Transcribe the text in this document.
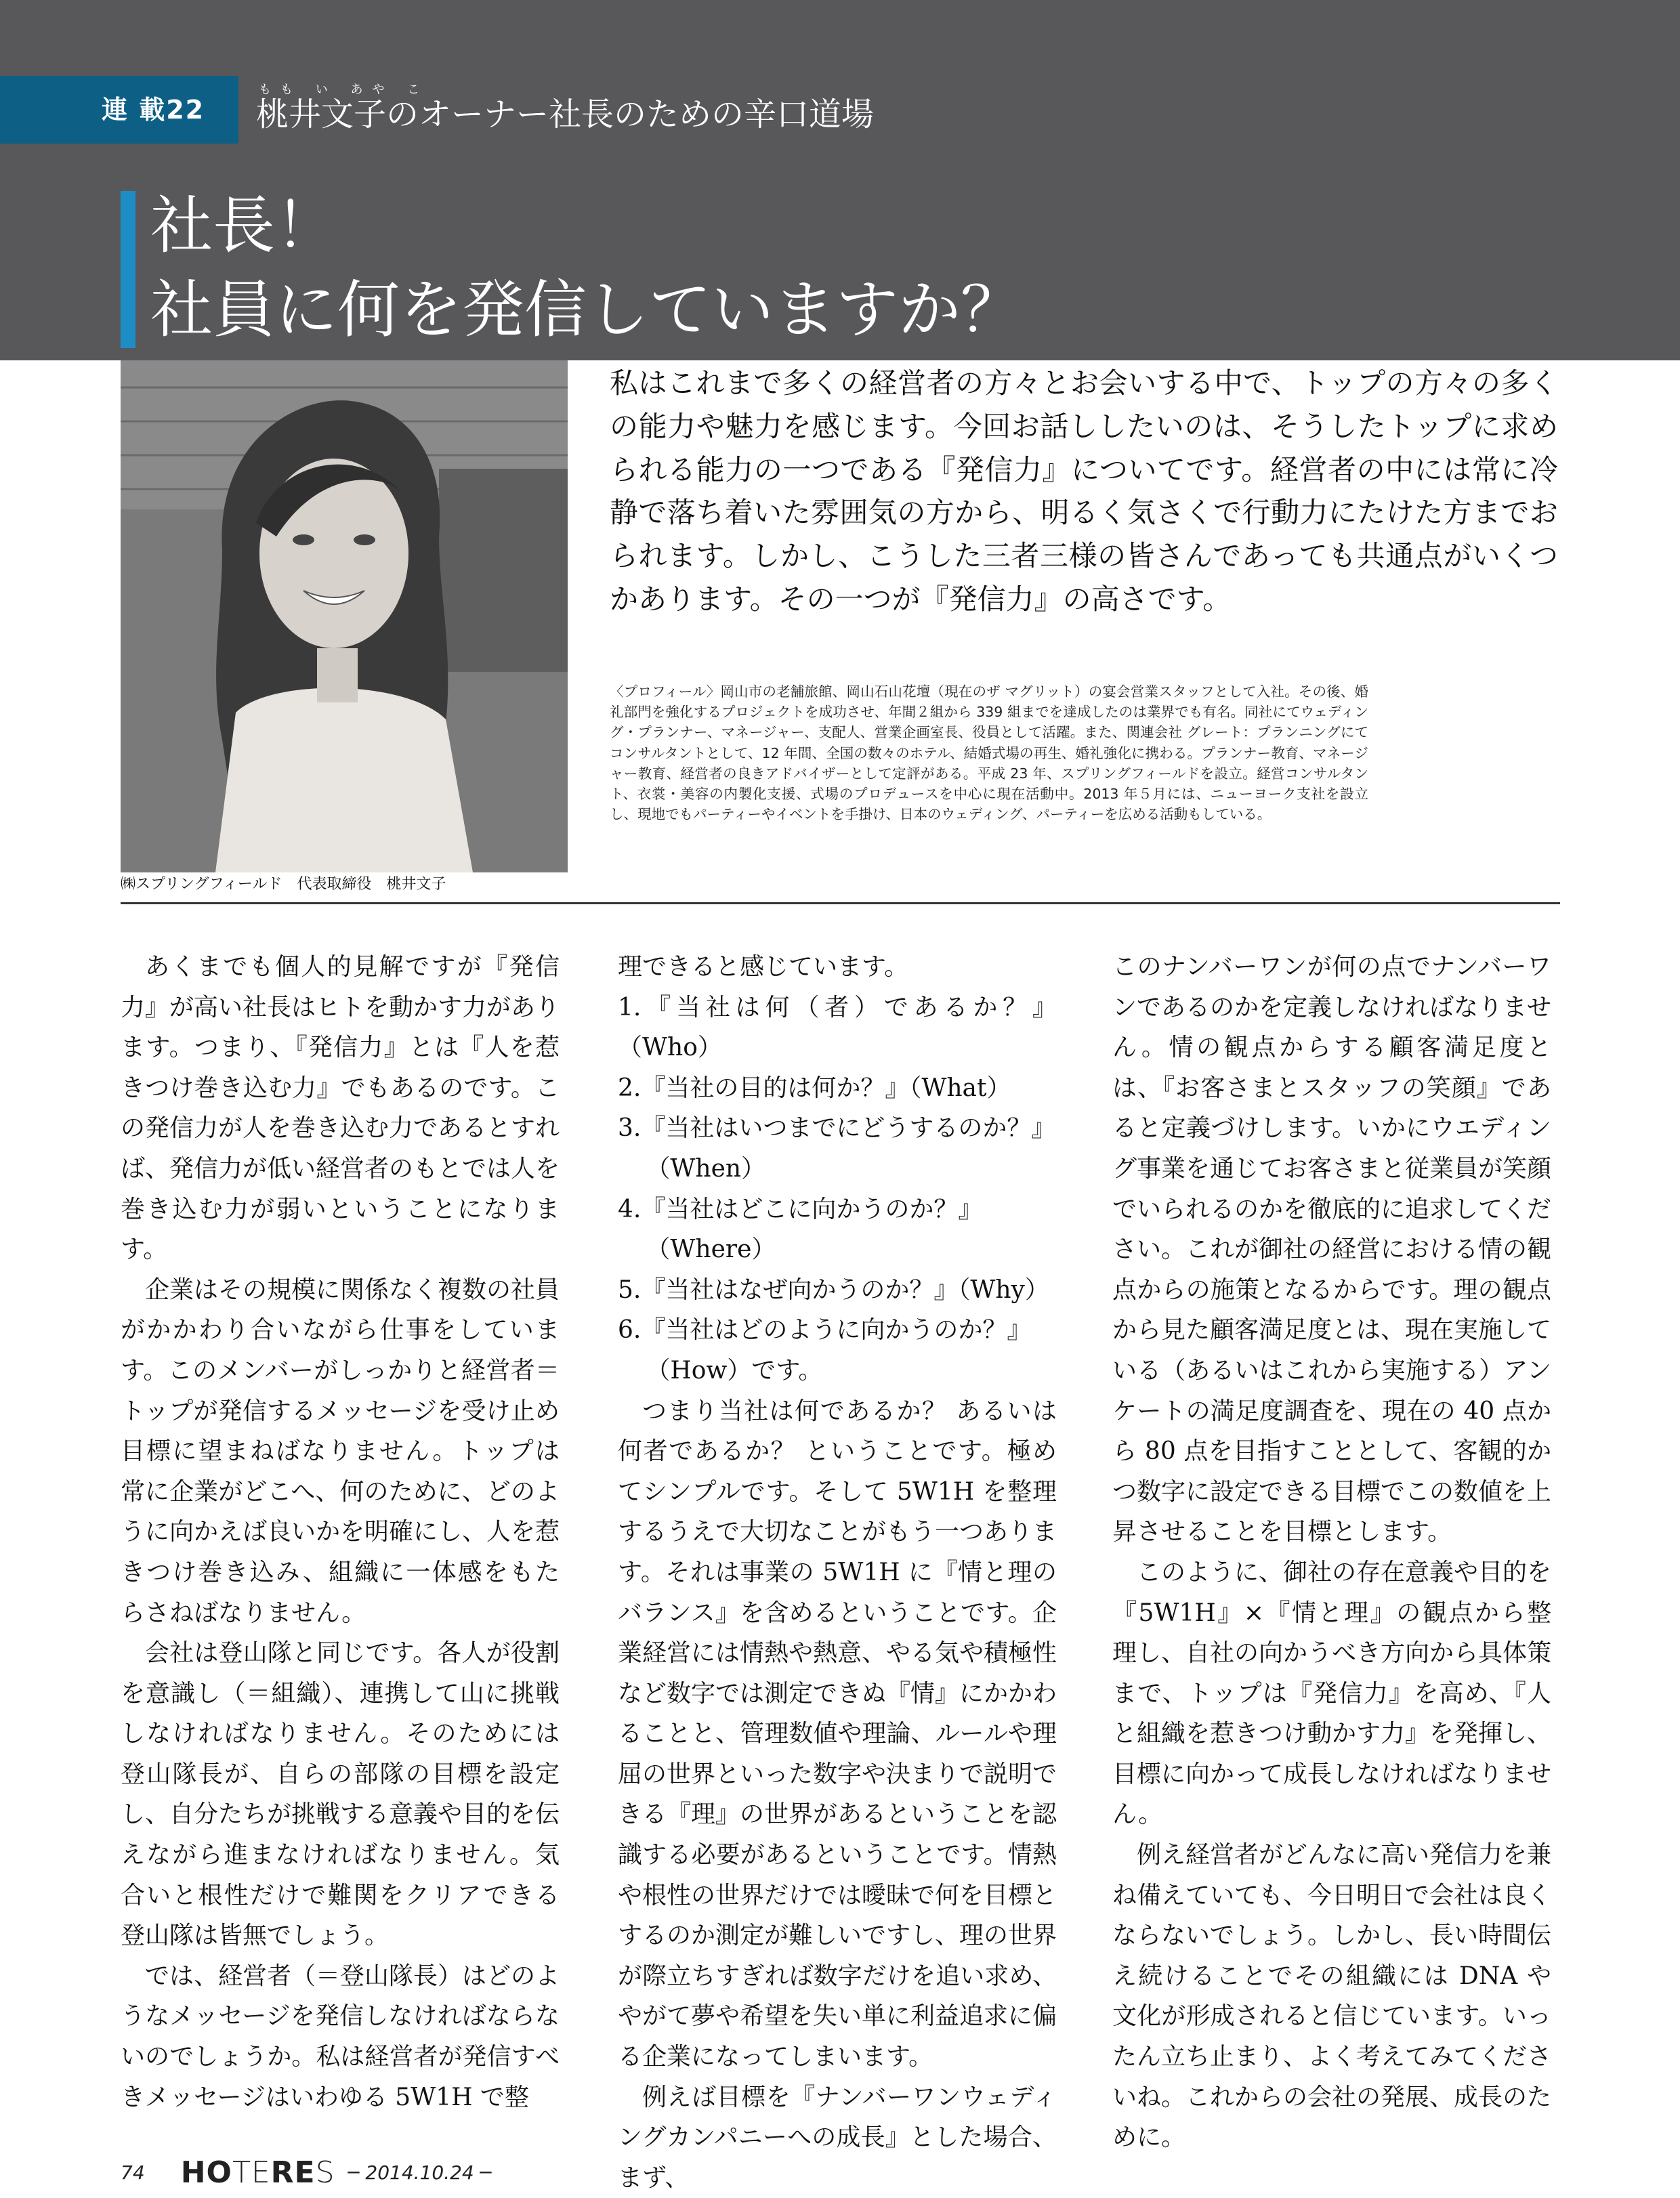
連 載22
もも い あや こ
桃井文子のオーナー社長のための辛口道場
社長！
社員に何を発信していますか？
㈱スプリングフィールド　代表取締役　桃井文子
私はこれまで多くの経営者の方々とお会いする中で、トップの方々の多くの能力や魅力を感じます。今回お話ししたいのは、そうしたトップに求められる能力の一つである『発信力』についてです。経営者の中には常に冷静で落ち着いた雰囲気の方から、明るく気さくで行動力にたけた方までおられます。しかし、こうした三者三様の皆さんであっても共通点がいくつかあります。その一つが『発信力』の高さです。
〈プロフィール〉岡山市の老舗旅館、岡山石山花壇（現在のザ マグリット）の宴会営業スタッフとして入社。その後、婚礼部門を強化するプロジェクトを成功させ、年間２組から 339 組までを達成したのは業界でも有名。同社にてウェディング・プランナー、マネージャー、支配人、営業企画室長、役員として活躍。また、関連会社 グレート：プランニングにてコンサルタントとして、12 年間、全国の数々のホテル、結婚式場の再生、婚礼強化に携わる。プランナー教育、マネージャー教育、経営者の良きアドバイザーとして定評がある。平成 23 年、スプリングフィールドを設立。経営コンサルタント、衣裳・美容の内製化支援、式場のプロデュースを中心に現在活動中。2013 年５月には、ニューヨーク支社を設立し、現地でもパーティーやイベントを手掛け、日本のウェディング、パーティーを広める活動もしている。

あくまでも個人的見解ですが『発信力』が高い社長はヒトを動かす力があります。つまり、『発信力』とは『人を惹きつけ巻き込む力』でもあるのです。この発信力が人を巻き込む力であるとすれば、発信力が低い経営者のもとでは人を巻き込む力が弱いということになります。

企業はその規模に関係なく複数の社員がかかわり合いながら仕事をしています。このメンバーがしっかりと経営者＝トップが発信するメッセージを受け止め目標に望まねばなりません。トップは常に企業がどこへ、何のために、どのように向かえば良いかを明確にし、人を惹きつけ巻き込み、組織に一体感をもたらさねばなりません。

会社は登山隊と同じです。各人が役割を意識し（＝組織）、連携して山に挑戦しなければなりません。そのためには登山隊長が、自らの部隊の目標を設定し、自分たちが挑戦する意義や目的を伝えながら進まなければなりません。気合いと根性だけで難関をクリアできる登山隊は皆無でしょう。

では、経営者（＝登山隊長）はどのようなメッセージを発信しなければならないのでしょうか。私は経営者が発信すべきメッセージはいわゆる 5W1H で整

理できると感じています。

1.『当社は何（者）であるか？』（Who）

2.『当社の目的は何か？』（What）

3.『当社はいつまでにどうするのか？』

（When）

4.『当社はどこに向かうのか？』

（Where）

5.『当社はなぜ向かうのか？』（Why）

6.『当社はどのように向かうのか？』

（How）です。

つまり当社は何であるか？ あるいは何者であるか？ ということです。極めてシンプルです。そして 5W1H を整理するうえで大切なことがもう一つあります。それは事業の 5W1H に『情と理のバランス』を含めるということです。企業経営には情熱や熱意、やる気や積極性など数字では測定できぬ『情』にかかわることと、管理数値や理論、ルールや理屈の世界といった数字や決まりで説明できる『理』の世界があるということを認識する必要があるということです。情熱や根性の世界だけでは曖昧で何を目標とするのか測定が難しいですし、理の世界が際立ちすぎれば数字だけを追い求め、やがて夢や希望を失い単に利益追求に偏る企業になってしまいます。

例えば目標を『ナンバーワンウェディングカンパニーへの成長』とした場合、まず、

このナンバーワンが何の点でナンバーワンであるのかを定義しなければなりません。情の観点からする顧客満足度とは、『お客さまとスタッフの笑顔』であると定義づけします。いかにウエディング事業を通じてお客さまと従業員が笑顔でいられるのかを徹底的に追求してください。これが御社の経営における情の観点からの施策となるからです。理の観点から見た顧客満足度とは、現在実施している（あるいはこれから実施する）アンケートの満足度調査を、現在の 40 点から 80 点を目指すこととして、客観的かつ数字に設定できる目標でこの数値を上昇させることを目標とします。

このように、御社の存在意義や目的を『5W1H』×『情と理』の観点から整理し、自社の向かうべき方向から具体策まで、トップは『発信力』を高め、『人と組織を惹きつけ動かす力』を発揮し、目標に向かって成長しなければなりません。

例え経営者がどんなに高い発信力を兼ね備えていても、今日明日で会社は良くならないでしょう。しかし、長い時間伝え続けることでその組織には DNA や文化が形成されると信じています。いったん立ち止まり、よく考えてみてくださいね。これからの会社の発展、成長のために。

74 HOTERES ─ 2014.10.24 ─
